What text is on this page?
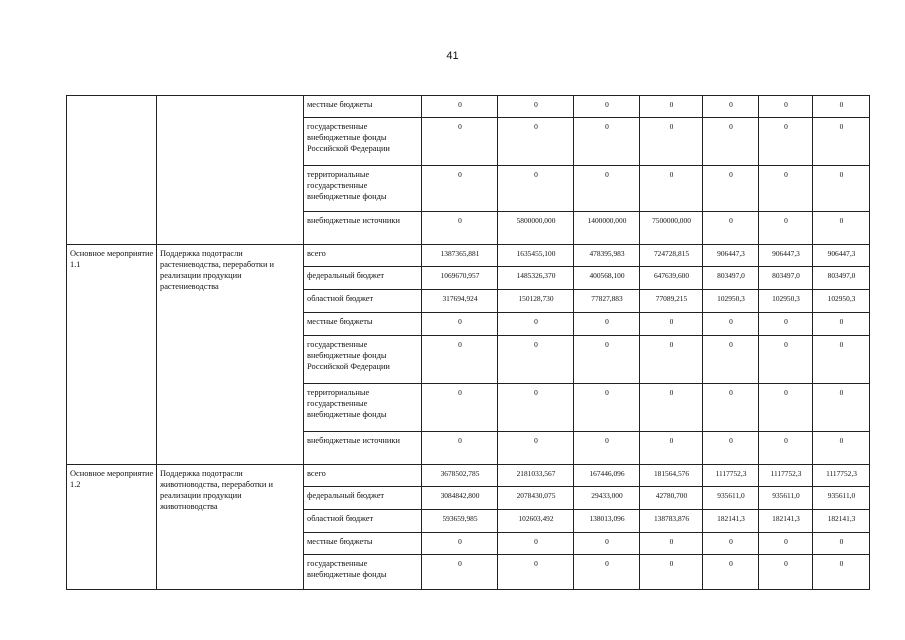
41
		местные бюджеты	0	0	0	0	0	0	0
		государственные внебюджетные фонды Российской Федерации	0	0	0	0	0	0	0
		территориальные государственные внебюджетные фонды	0	0	0	0	0	0	0
		внебюджетные источники	0	5800000,000	1400000,000	7500000,000	0	0	0
Основное мероприятие 1.1	Поддержка подотрасли растениеводства, переработки и реализации продукции растениеводства	всего	1387365,881	1635455,100	478395,983	724728,815	906447,3	906447,3	906447,3
		федеральный бюджет	1069670,957	1485326,370	400568,100	647639,600	803497,0	803497,0	803497,0
		областной бюджет	317694,924	150128,730	77827,883	77089,215	102950,3	102950,3	102950,3
		местные бюджеты	0	0	0	0	0	0	0
		государственные внебюджетные фонды Российской Федерации	0	0	0	0	0	0	0
		территориальные государственные внебюджетные фонды	0	0	0	0	0	0	0
		внебюджетные источники	0	0	0	0	0	0	0
Основное мероприятие 1.2	Поддержка подотрасли животноводства, переработки и реализации продукции животноводства	всего	3678502,785	2181033,567	167446,096	181564,576	1117752,3	1117752,3	1117752,3
		федеральный бюджет	3084842,800	2078430,075	29433,000	42780,700	935611,0	935611,0	935611,0
		областной бюджет	593659,985	102603,492	138013,096	138783,876	182141,3	182141,3	182141,3
		местные бюджеты	0	0	0	0	0	0	0
		государственные внебюджетные фонды	0	0	0	0	0	0	0
